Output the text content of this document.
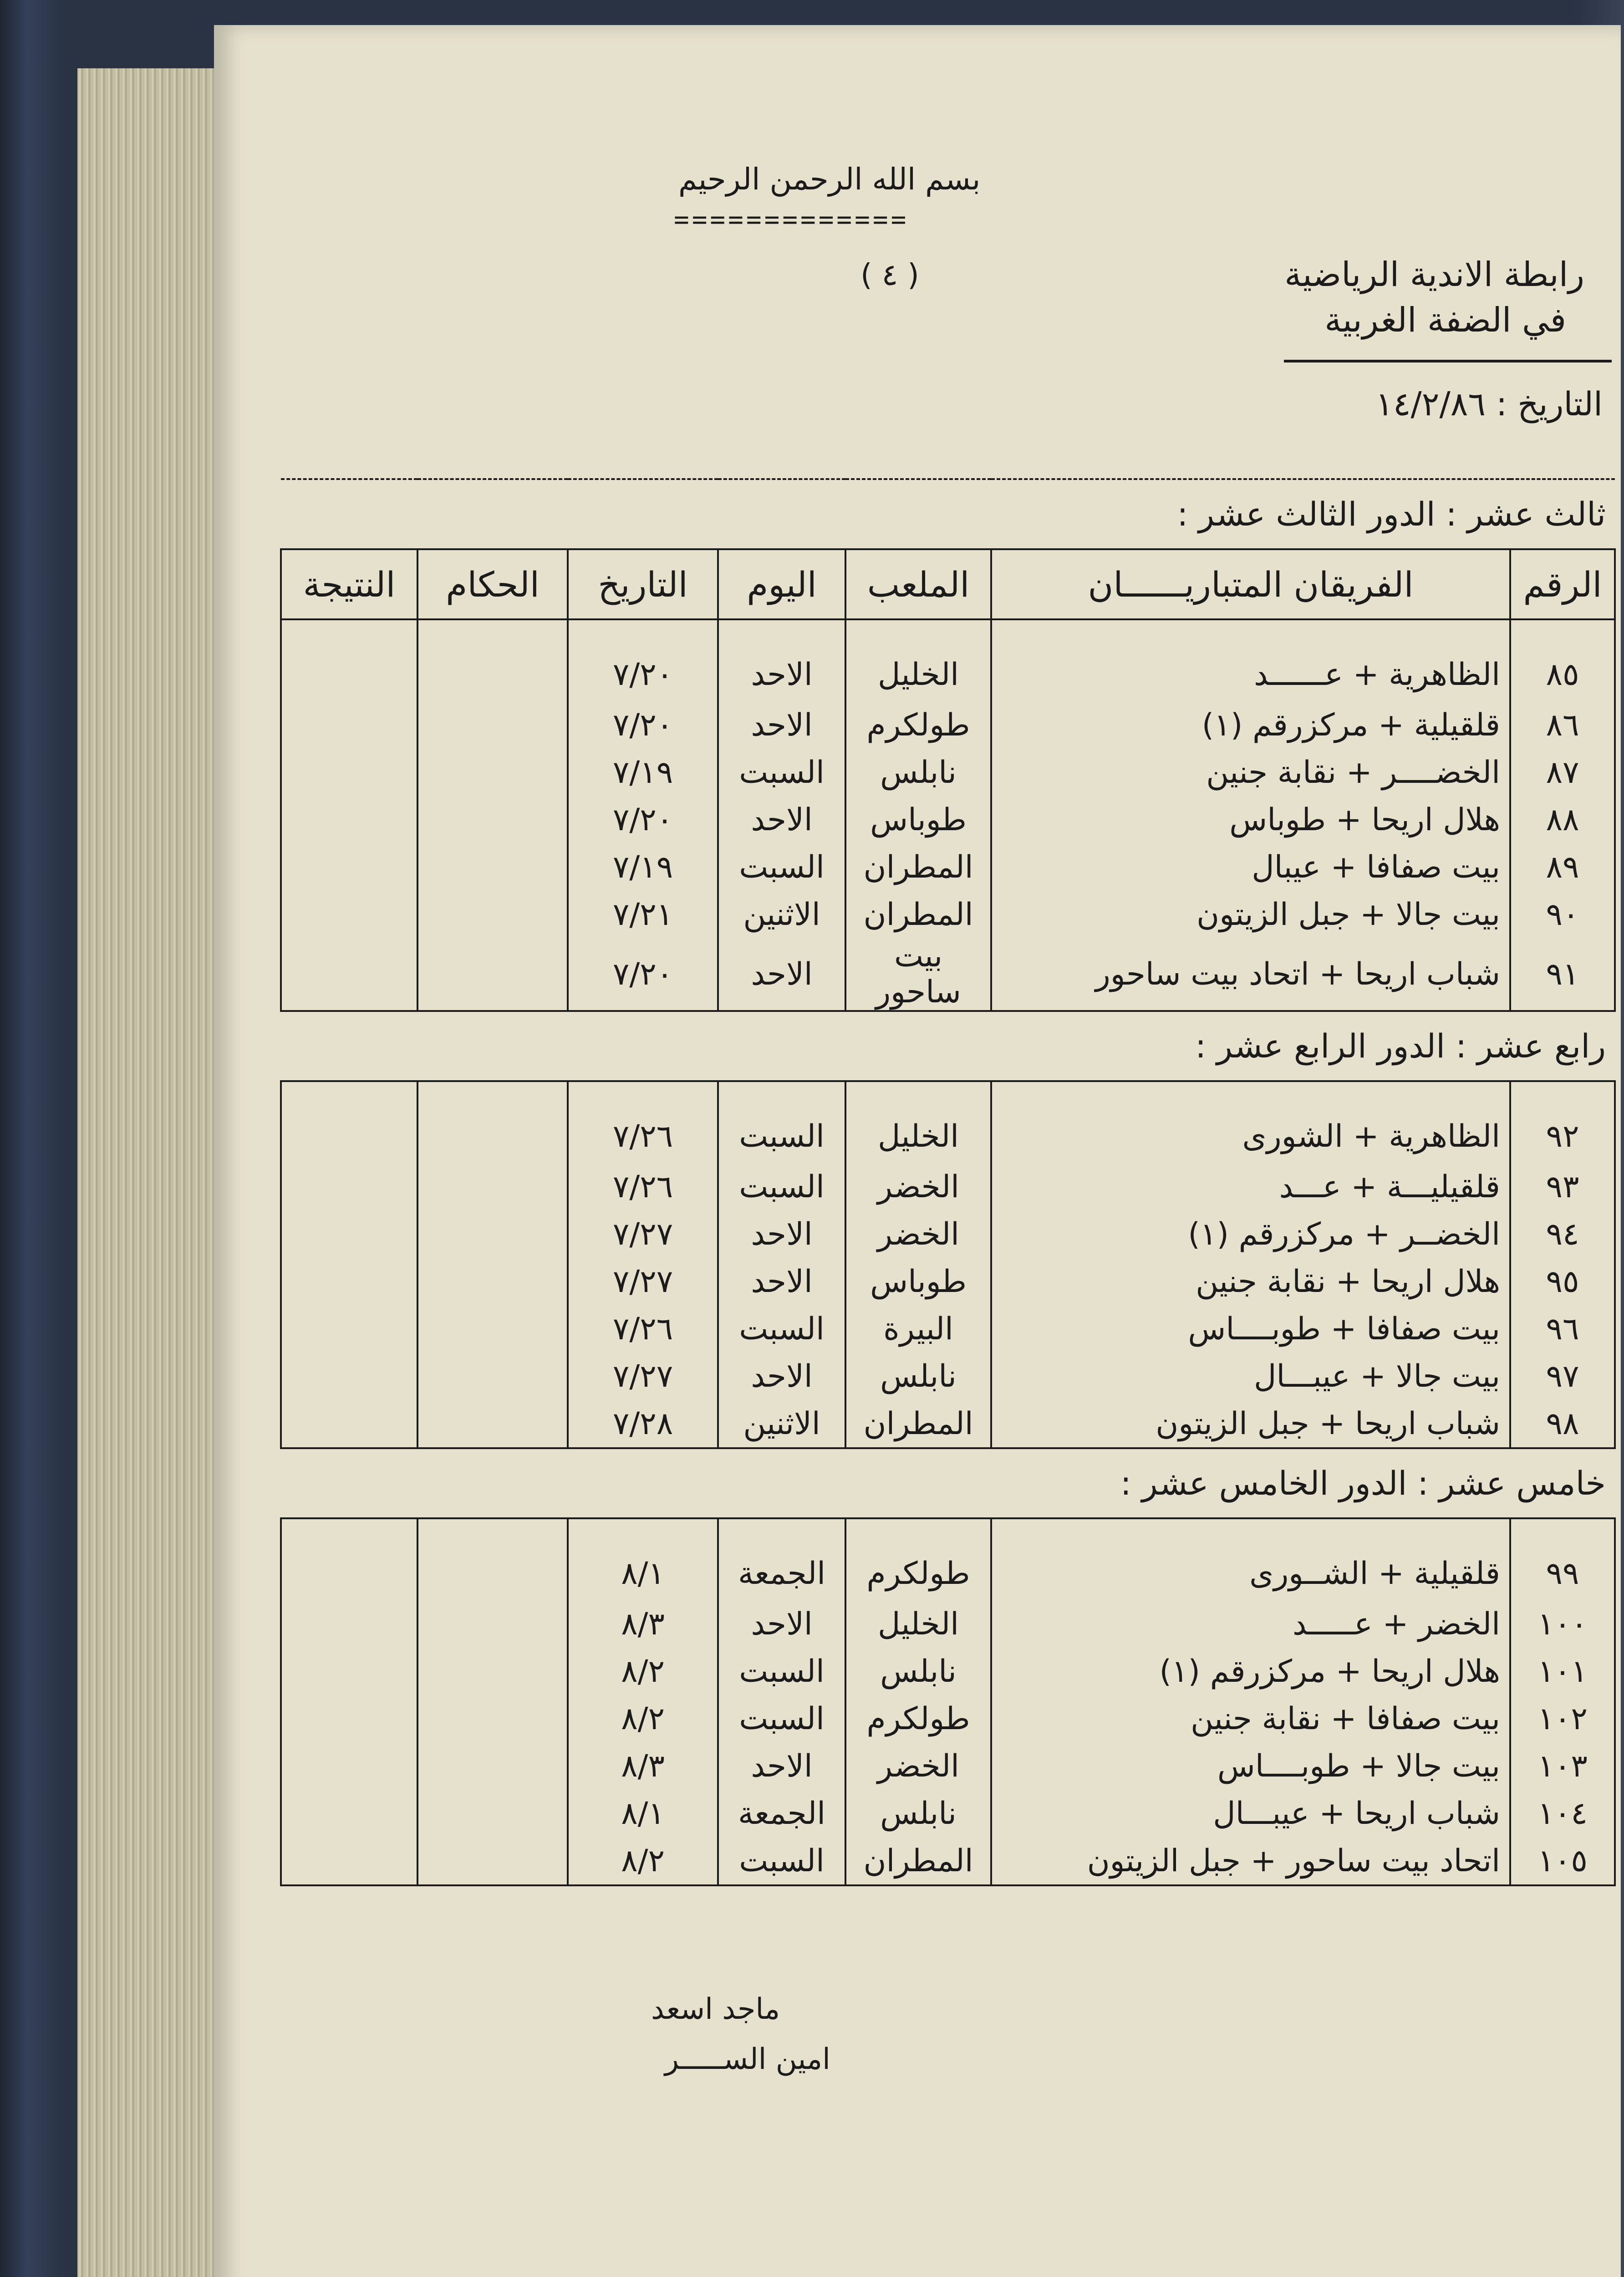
بسم الله الرحمن الرحيم
=============
( ٤ )	رابطة الاندية الرياضية
في الضفة الغربية
التاريخ : ١٤/٢/٨٦
ثالث عشر : الدور الثالث عشر :						
الرقم	الفريقان المتباريــــــان	الملعب	اليوم	التاريخ	الحكام	النتيجة
٨٥	الظاهرية + عــــــد	الخليل	الاحد	٧/٢٠		
٨٦	قلقيلية + مركزرقم (١)	طولكرم	الاحد	٧/٢٠		
٨٧	الخضــــر + نقابة جنين	نابلس	السبت	٧/١٩		
٨٨	هلال اريحا + طوباس	طوباس	الاحد	٧/٢٠		
٨٩	بيت صفافا + عيبال	المطران	السبت	٧/١٩		
٩٠	بيت جالا + جبل الزيتون	المطران	الاثنين	٧/٢١		
٩١	شباب اريحا + اتحاد بيت ساحور	بيت ساحور	الاحد	٧/٢٠		
رابع عشر : الدور الرابع عشر :						
٩٢	الظاهرية + الشورى	الخليل	السبت	٧/٢٦		
٩٣	قلقيليـــة + عـــد	الخضر	السبت	٧/٢٦		
٩٤	الخضــر + مركزرقم (١)	الخضر	الاحد	٧/٢٧		
٩٥	هلال اريحا + نقابة جنين	طوباس	الاحد	٧/٢٧		
٩٦	بيت صفافا + طوبــــاس	البيرة	السبت	٧/٢٦		
٩٧	بيت جالا + عيبـــال	نابلس	الاحد	٧/٢٧		
٩٨	شباب اريحا + جبل الزيتون	المطران	الاثنين	٧/٢٨		
خامس عشر : الدور الخامس عشر :						
٩٩	قلقيلية + الشــورى	طولكرم	الجمعة	٨/١		
١٠٠	الخضر + عـــــد	الخليل	الاحد	٨/٣		
١٠١	هلال اريحا + مركزرقم (١)	نابلس	السبت	٨/٢		
١٠٢	بيت صفافا + نقابة جنين	طولكرم	السبت	٨/٢		
١٠٣	بيت جالا + طوبــــاس	الخضر	الاحد	٨/٣		
١٠٤	شباب اريحا + عيبـــال	نابلس	الجمعة	٨/١		
١٠٥	اتحاد بيت ساحور + جبل الزيتون	المطران	السبت	٨/٢		
ماجد اسعد
امين الســـــر
